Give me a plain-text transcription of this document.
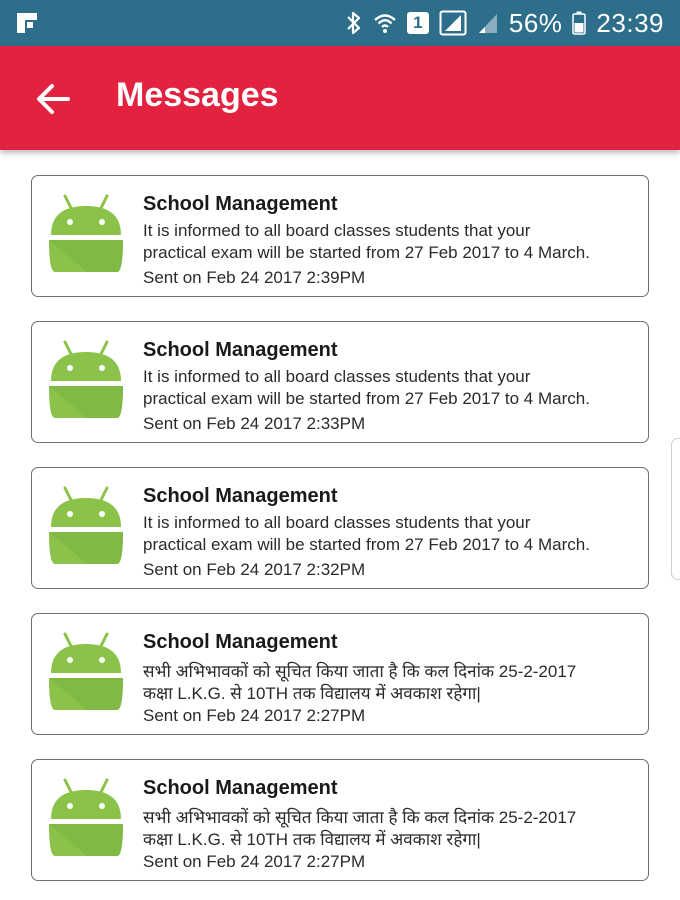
1	56% 23:39
Messages
School Management
It is informed to all board classes students that your
practical exam will be started from 27 Feb 2017 to 4 March.
Sent on Feb 24 2017 2:39PM
School Management
It is informed to all board classes students that your
practical exam will be started from 27 Feb 2017 to 4 March.
Sent on Feb 24 2017 2:33PM
School Management
It is informed to all board classes students that your
practical exam will be started from 27 Feb 2017 to 4 March.
Sent on Feb 24 2017 2:32PM
School Management
सभी अभिभावकों को सूचित किया जाता है कि कल दिनांक 25-2-2017
कक्षा L.K.G. से 10TH तक विद्यालय में अवकाश रहेगा|
Sent on Feb 24 2017 2:27PM
School Management
सभी अभिभावकों को सूचित किया जाता है कि कल दिनांक 25-2-2017
कक्षा L.K.G. से 10TH तक विद्यालय में अवकाश रहेगा|
Sent on Feb 24 2017 2:27PM
